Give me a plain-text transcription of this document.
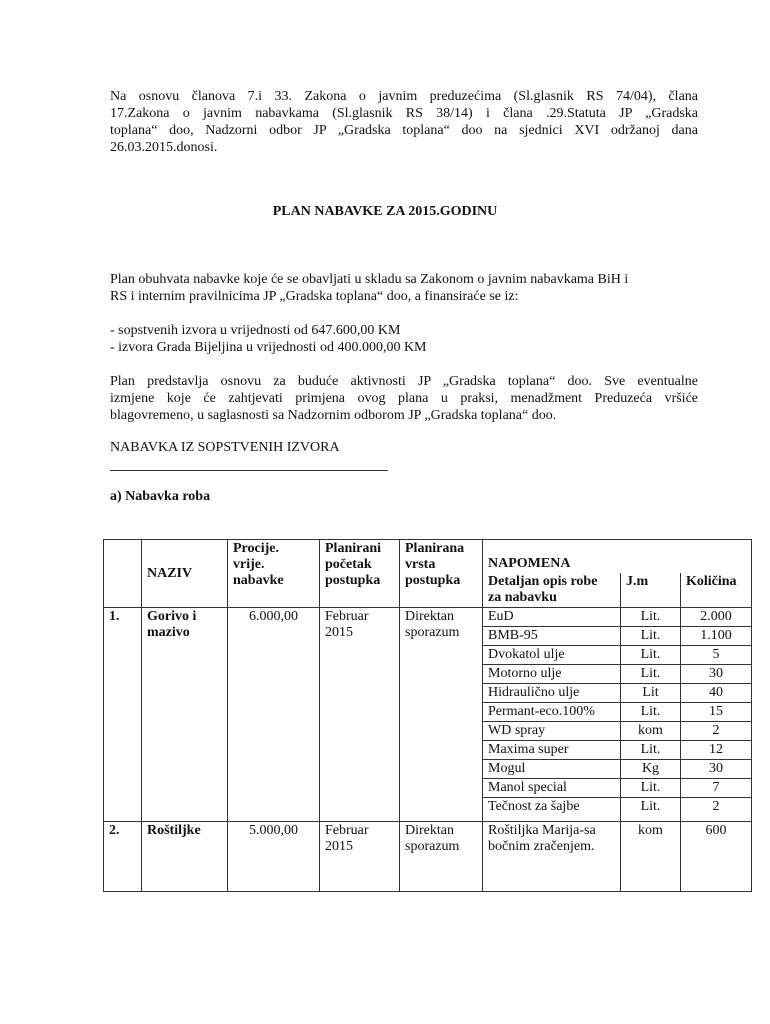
Na osnovu članova 7.i 33. Zakona o javnim preduzećima (Sl.glasnik RS 74/04), člana
17.Zakona o javnim nabavkama (Sl.glasnik RS 38/14) i člana .29.Statuta JP „Gradska
toplana“ doo, Nadzorni odbor JP „Gradska toplana“ doo na sjednici XVI održanoj dana
26.03.2015.donosi.

PLAN NABAVKE ZA 2015.GODINU

Plan obuhvata nabavke koje će se obavljati u skladu sa Zakonom o javnim nabavkama BiH i
RS i internim pravilnicima JP „Gradska toplana“ doo, a finansiraće se iz:

- sopstvenih izvora u vrijednosti od 647.600,00 KM
- izvora Grada Bijeljina u vrijednosti od 400.000,00 KM

Plan predstavlja osnovu za buduće aktivnosti JP „Gradska toplana“ doo. Sve eventualne
izmjene koje će zahtjevati primjena ovog plana u praksi, menadžment Preduzeća vršiće
blagovremeno, u saglasnosti sa Nadzornim odborom JP „Gradska toplana“ doo.

NABAVKA IZ SOPSTVENIH IZVORA

a) Nabavka roba

	NAZIV	Procije.
vrije.
nabavke	Planirani
početak
postupka	Planirana
vrsta
postupka	NAPOMENA		

					Detaljan opis robe
za nabavku	J.m	Količina
1.	Gorivo i
mazivo	6.000,00	Februar
2015	Direktan
sporazum	EuD	Lit.	2.000
					BMB-95	Lit.	1.100
					Dvokatol ulje	Lit.	5
					Motorno ulje	Lit.	30
					Hidraulično ulje	Lit	40
					Permant-eco.100%	Lit.	15
					WD spray	kom	2
					Maxima super	Lit.	12
					Mogul	Kg	30
					Manol special	Lit.	7
					Tečnost za šajbe	Lit.	2
2.	Roštiljke	5.000,00	Februar
2015	Direktan
sporazum	Roštiljka Marija-sa
bočnim zračenjem.	kom	600
